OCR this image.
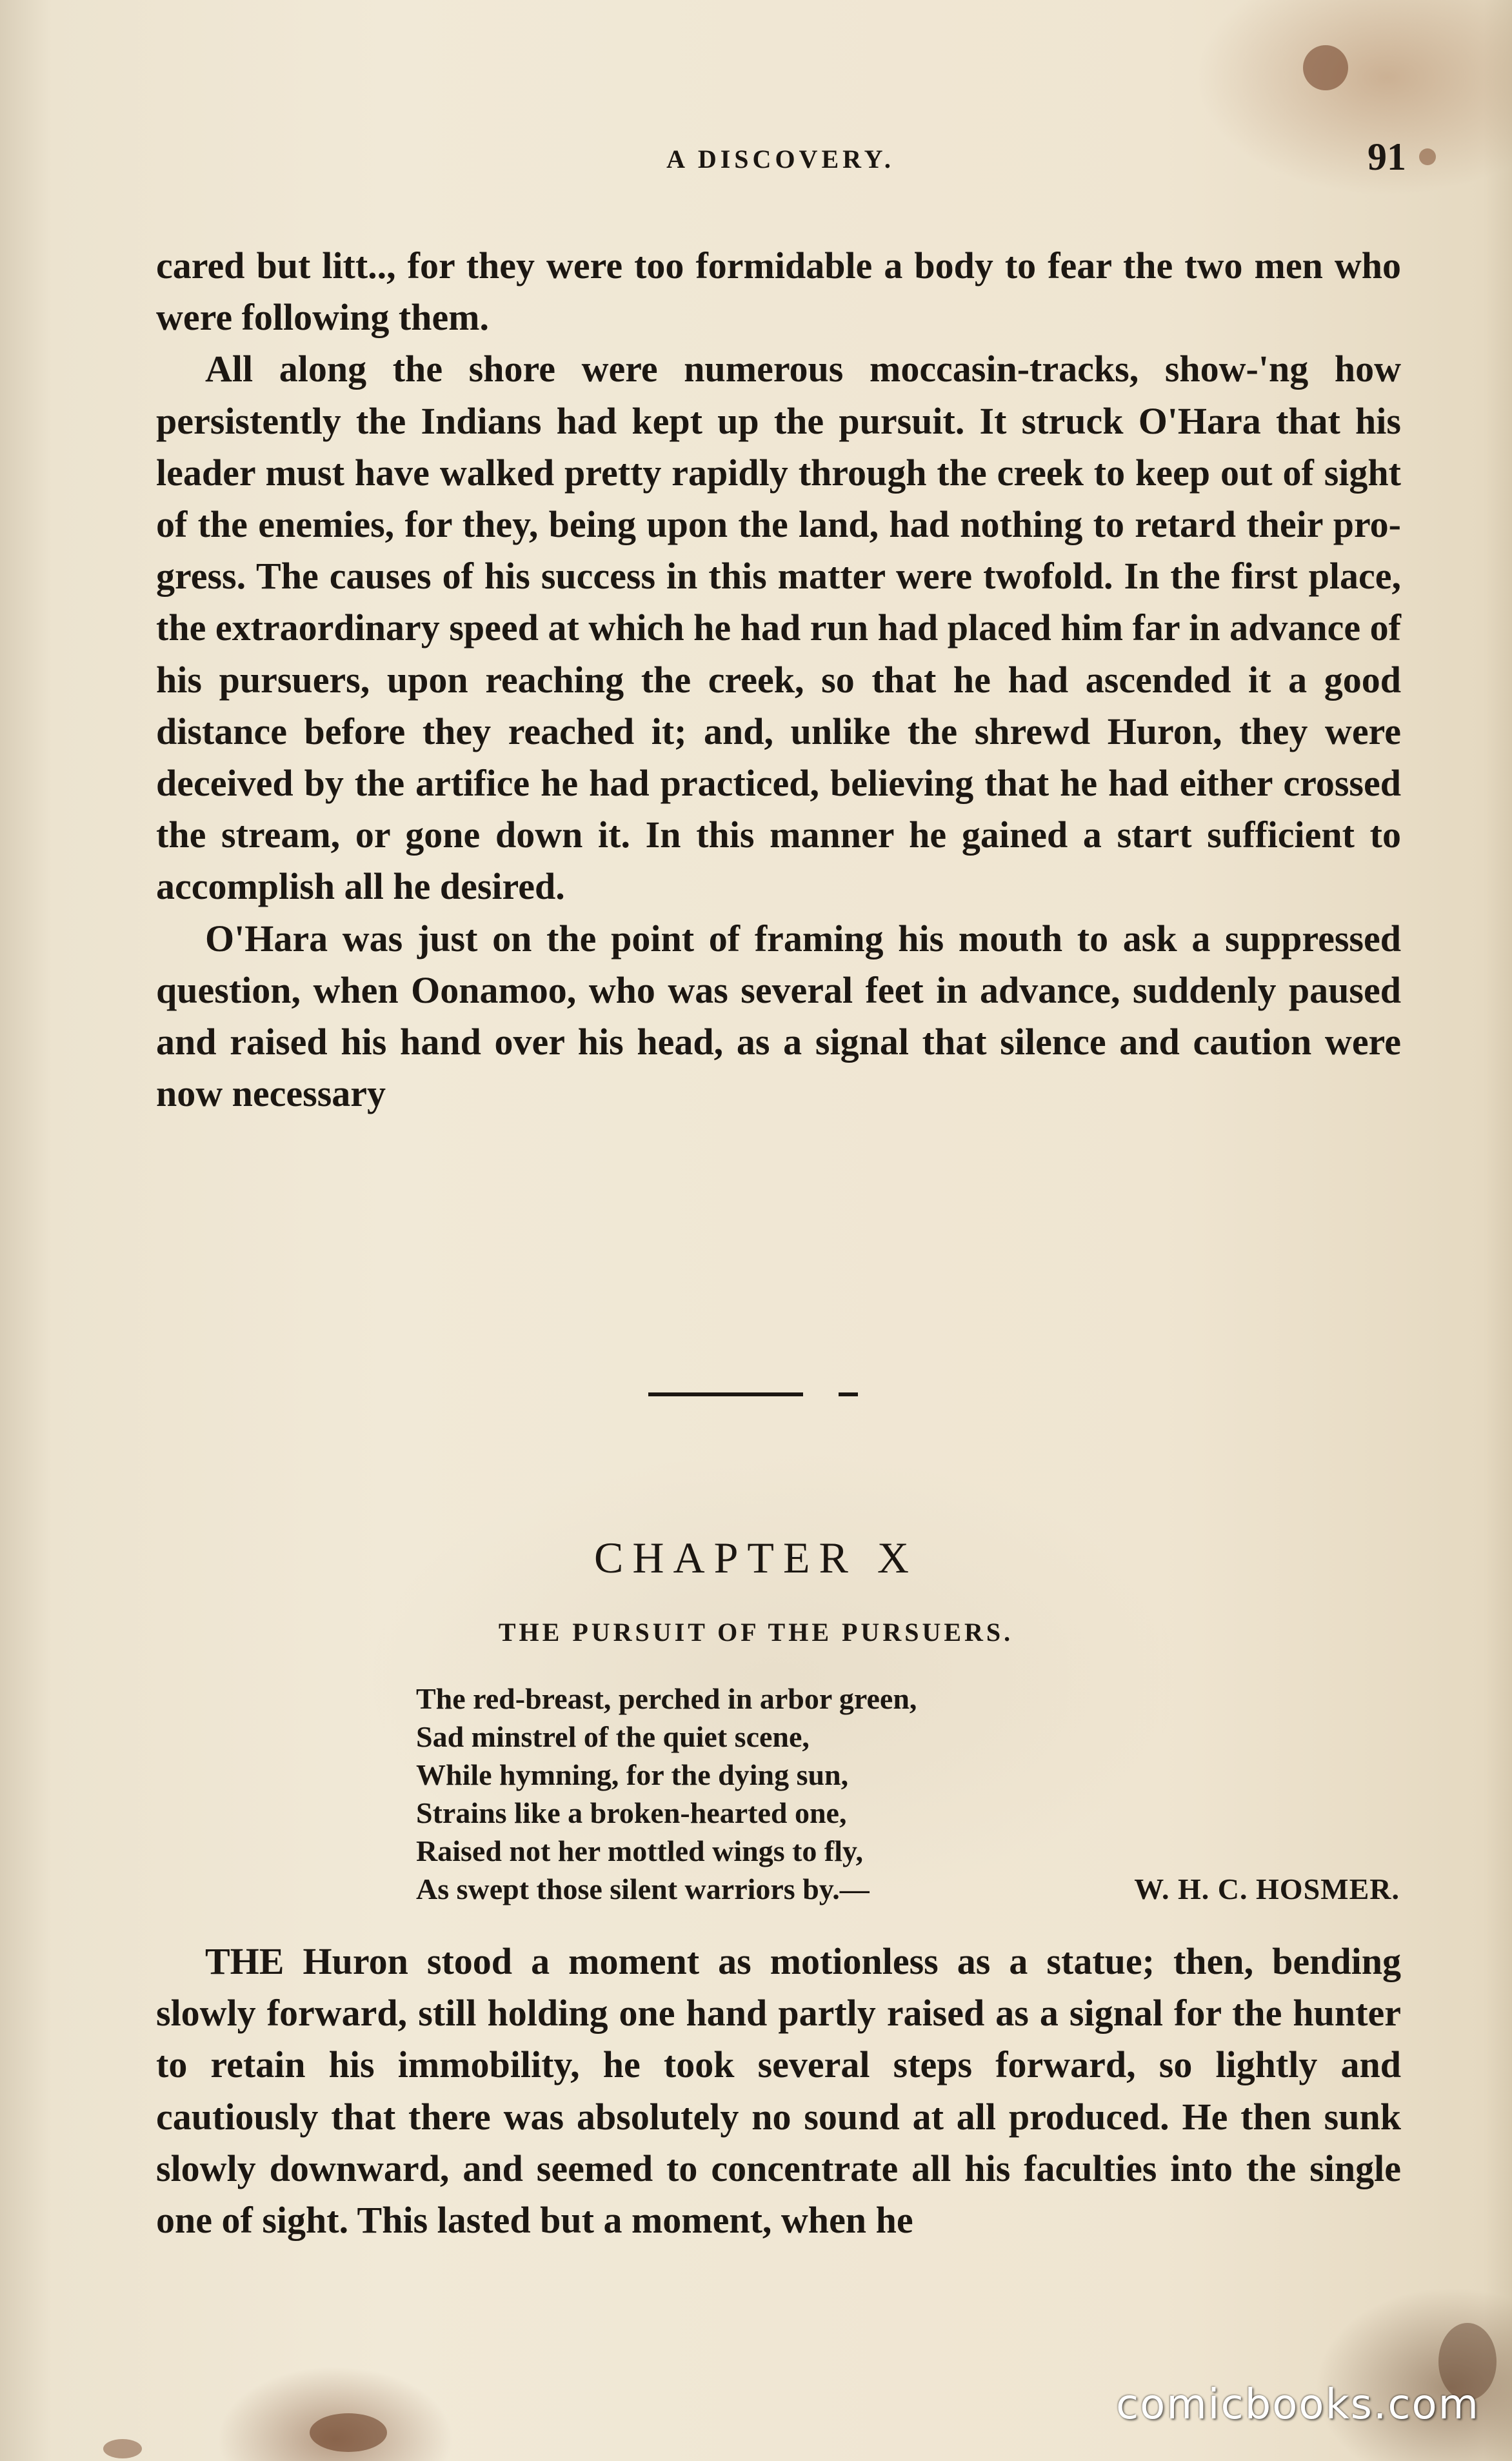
A DISCOVERY.	91

cared but litt.., for they were too formidable a body to fear the two men who were following them.

All along the shore were numerous moccasin-tracks, show-'ng how persistently the Indians had kept up the pursuit. It struck O'Hara that his leader must have walked pretty rapidly through the creek to keep out of sight of the enemies, for they, being upon the land, had nothing to retard their pro-gress. The causes of his success in this matter were twofold. In the first place, the extraordinary speed at which he had run had placed him far in advance of his pursuers, upon reaching the creek, so that he had ascended it a good distance before they reached it; and, unlike the shrewd Huron, they were deceived by the artifice he had practiced, believing that he had either crossed the stream, or gone down it. In this manner he gained a start sufficient to accomplish all he desired.

O'Hara was just on the point of framing his mouth to ask a suppressed question, when Oonamoo, who was several feet in advance, suddenly paused and raised his hand over his head, as a signal that silence and caution were now necessary

CHAPTER X
THE PURSUIT OF THE PURSUERS.
The red-breast, perched in arbor green,
Sad minstrel of the quiet scene,
While hymning, for the dying sun,
Strains like a broken-hearted one,
Raised not her mottled wings to fly,
As swept those silent warriors by.—	W. H. C. HOSMER.

THE Huron stood a moment as motionless as a statue; then, bending slowly forward, still holding one hand partly raised as a signal for the hunter to retain his immobility, he took several steps forward, so lightly and cautiously that there was absolutely no sound at all produced. He then sunk slowly downward, and seemed to concentrate all his faculties into the single one of sight. This lasted but a moment, when he

comicbooks.com
